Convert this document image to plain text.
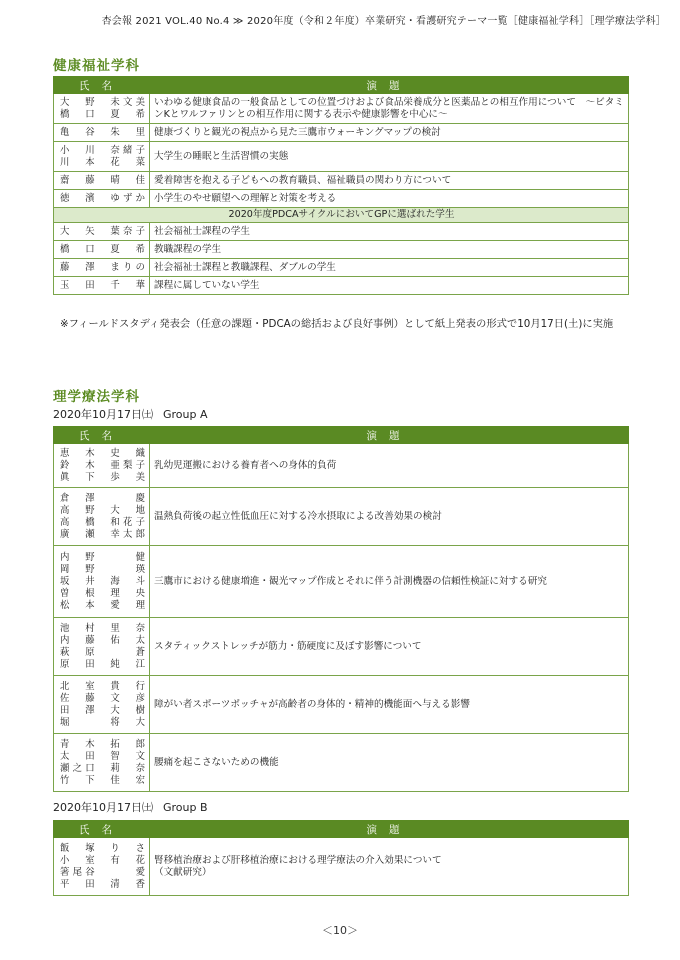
杏会報 2021 VOL.40 No.4 ≫ 2020年度（令和２年度）卒業研究・看護研究テーマ一覧［健康福祉学科］［理学療法学科］
健康福祉学科
氏名	演題
大　野　未文美
橋　口　夏　希	いわゆる健康食品の一般食品としての位置づけおよび食品栄養成分と医薬品との相互作用について　～ビタミンKとワルファリンとの相互作用に関する表示や健康影響を中心に～
亀　谷　朱　里	健康づくりと観光の視点から見た三鷹市ウォーキングマップの検討
小　川　奈緒子
川　本　花　菜	大学生の睡眠と生活習慣の実態
齋　藤　晴　佳	愛着障害を抱える子どもへの教育職員、福祉職員の関わり方について
徳　濱　ゆずか	小学生のやせ願望への理解と対策を考える
2020年度PDCAサイクルにおいてGPに選ばれた学生	
大　矢　葉奈子	社会福祉士課程の学生
橋　口　夏　希	教職課程の学生
藤　澤　まりの	社会福祉士課程と教職課程、ダブルの学生
玉　田　千　華	課程に属していない学生
※フィールドスタディ発表会（任意の課題・PDCAの総括および良好事例）として紙上発表の形式で10月17日(土)に実施
理学療法学科
2020年10月17日㈯ Group A
氏名	演題
恵　木　史　織
鈴　木　亜梨子
眞　下　歩　美	乳幼児運搬における養育者への身体的負荷
倉　澤　　　慶
高　野　大　地
高　橋　和花子
廣　瀬　幸太郎	温熱負荷後の起立性低血圧に対する冷水摂取による改善効果の検討
内　野　　　健
岡　野　　　瑛
坂　井　海　斗
曽　根　理　央
松　本　愛　理	三鷹市における健康増進・観光マップ作成とそれに伴う計測機器の信頼性検証に対する研究
池　村　里　奈
内　藤　佑　太
萩　原　　　蒼
原　田　純　江	スタティックストレッチが筋力・筋硬度に及ぼす影響について
北　室　貴　行
佐　藤　文　彦
田　澤　大　樹
堀　　　将　大	障がい者スポーツボッチャが高齢者の身体的・精神的機能面へ与える影響
青　木　拓　郎
太　田　智　文
瀬之口　莉　奈
竹　下　佳　宏	腰痛を起こさないための機能
2020年10月17日㈯ Group B
氏名	演題
飯　塚　り　さ
小　室　有　花
箸尾谷　　　愛
平　田　清　香	腎移植治療および肝移植治療における理学療法の介入効果について
（文献研究）
＜10＞
